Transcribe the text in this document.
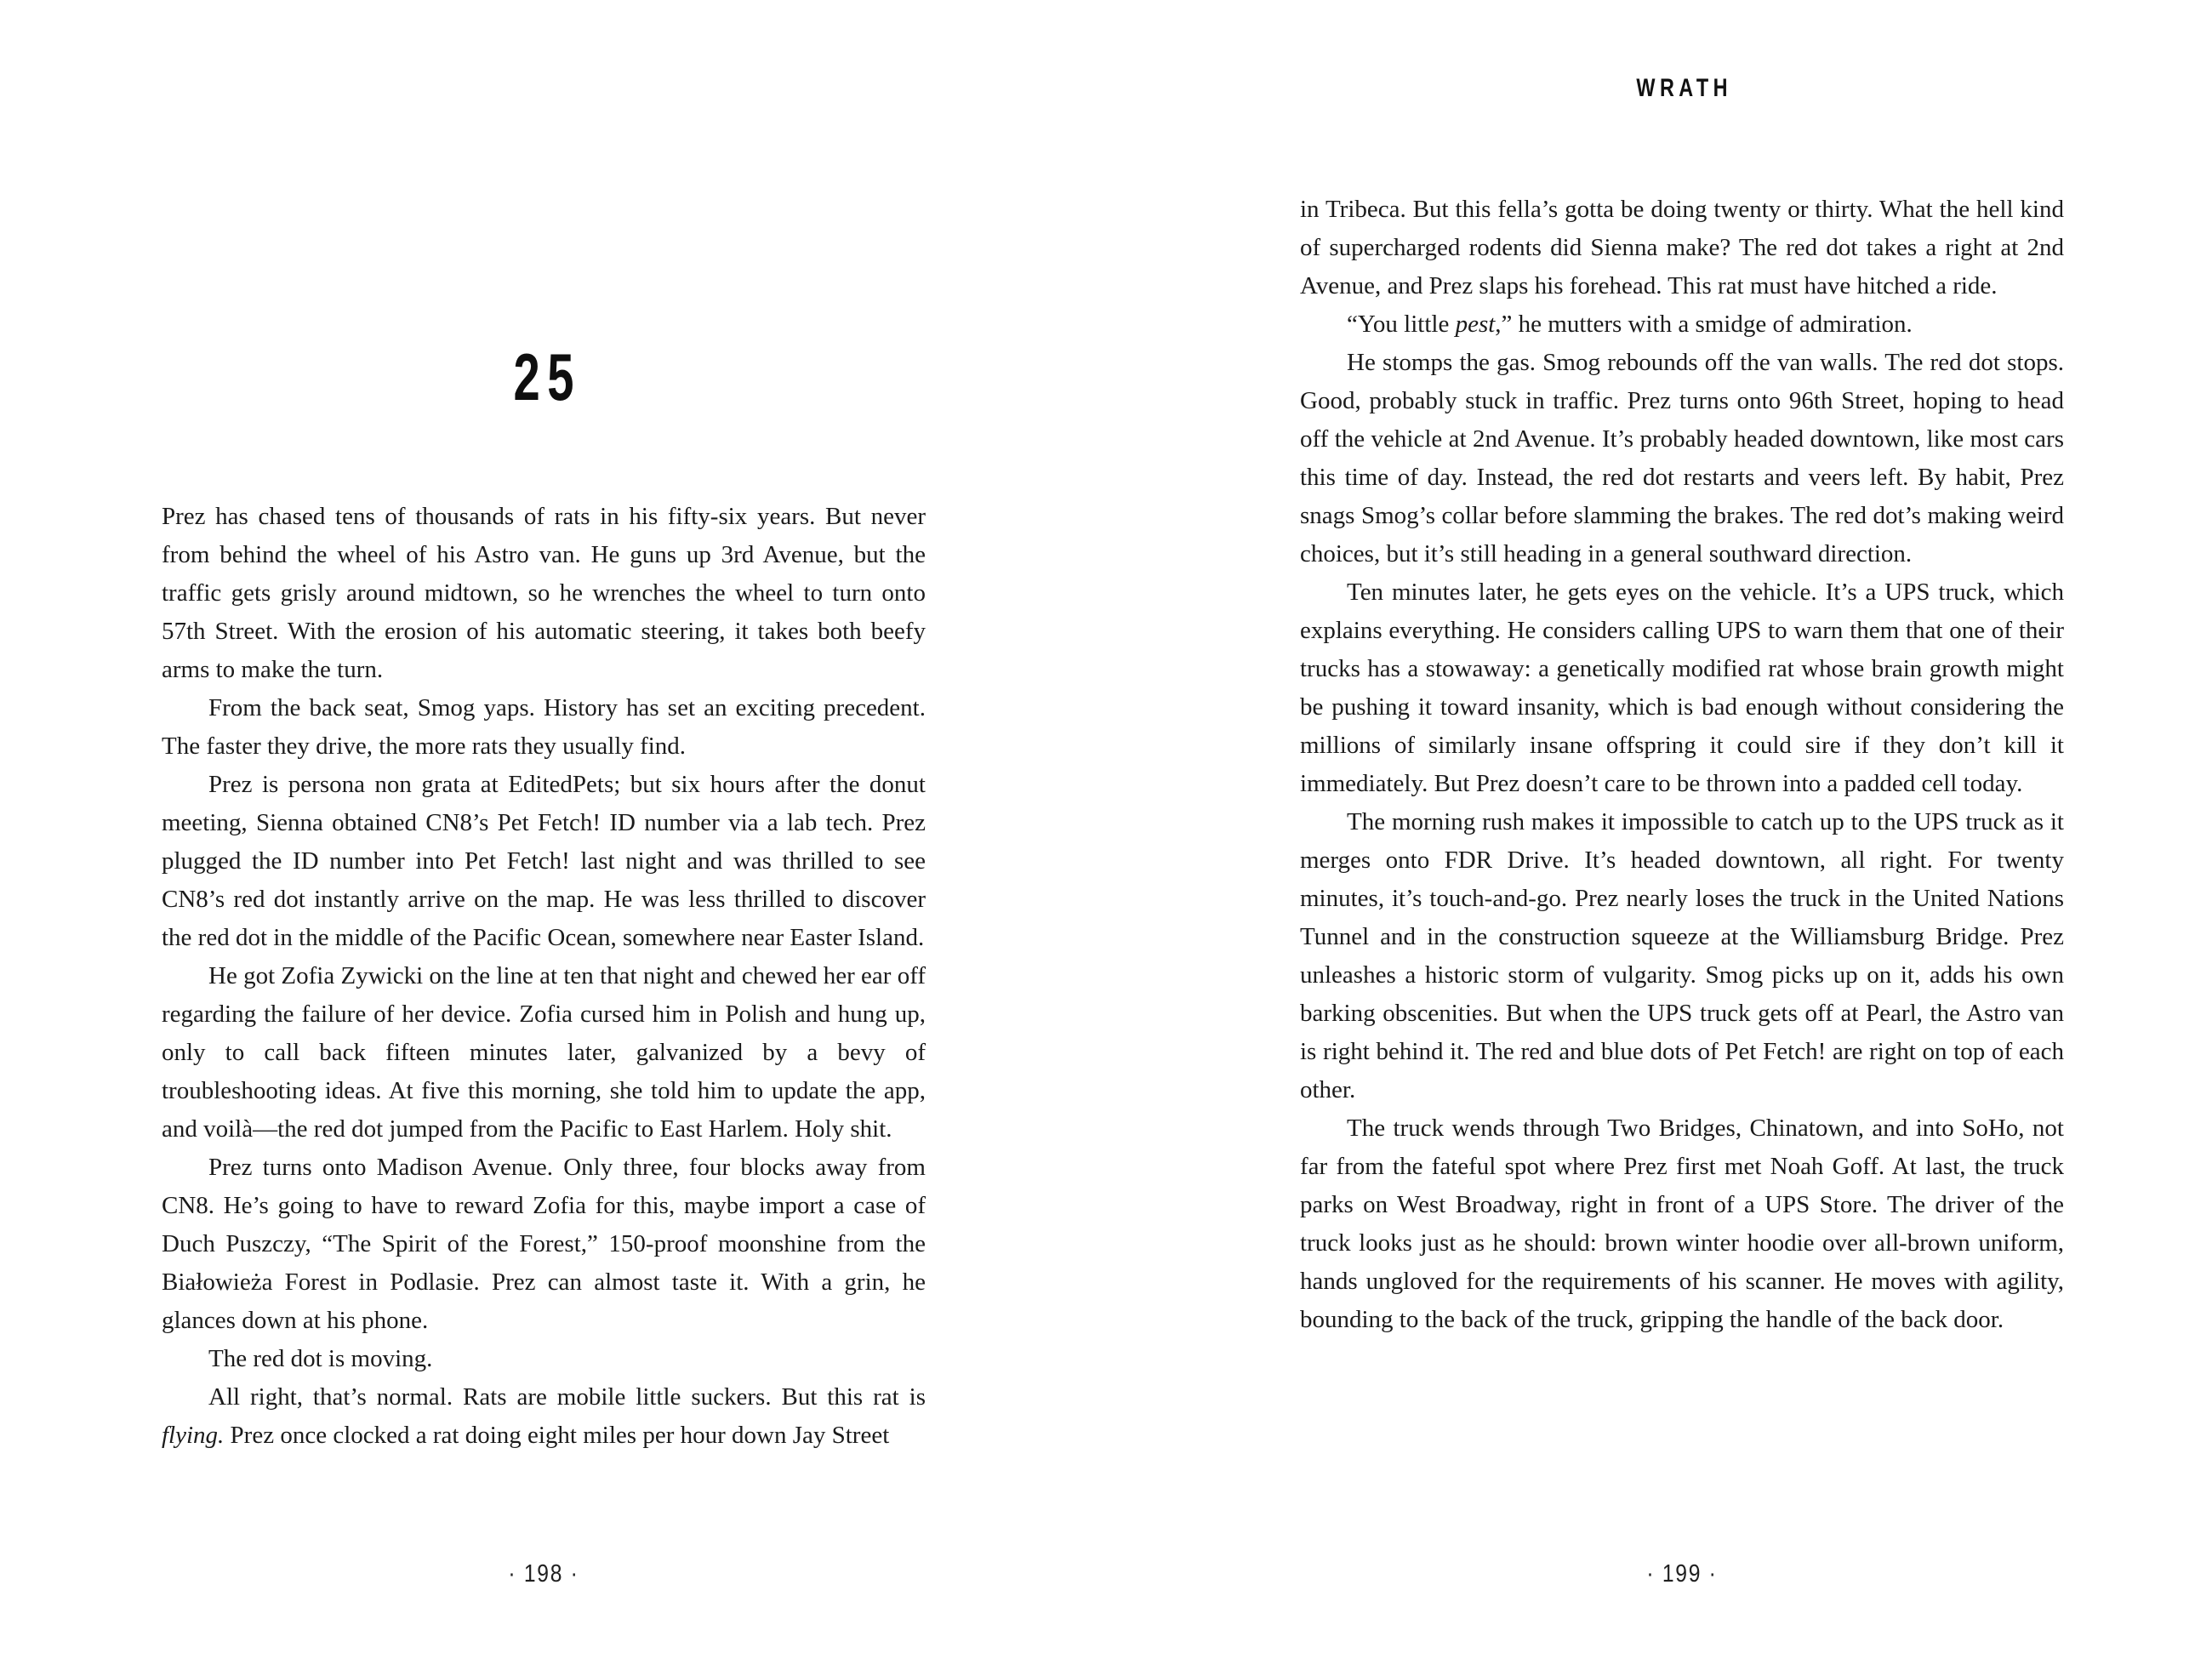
25

Prez has chased tens of thousands of rats in his fifty-six years. But never from behind the wheel of his Astro van. He guns up 3rd Avenue, but the traffic gets grisly around midtown, so he wrenches the wheel to turn onto 57th Street. With the erosion of his automatic steering, it takes both beefy arms to make the turn.

From the back seat, Smog yaps. History has set an exciting precedent. The faster they drive, the more rats they usually find.

Prez is persona non grata at EditedPets; but six hours after the donut meeting, Sienna obtained CN8’s Pet Fetch! ID number via a lab tech. Prez plugged the ID number into Pet Fetch! last night and was thrilled to see CN8’s red dot instantly arrive on the map. He was less thrilled to discover the red dot in the middle of the Pacific Ocean, somewhere near Easter Island.

He got Zofia Zywicki on the line at ten that night and chewed her ear off regarding the failure of her device. Zofia cursed him in Polish and hung up, only to call back fifteen minutes later, galvanized by a bevy of troubleshooting ideas. At five this morning, she told him to update the app, and voilà—the red dot jumped from the Pacific to East Harlem. Holy shit.

Prez turns onto Madison Avenue. Only three, four blocks away from CN8. He’s going to have to reward Zofia for this, maybe import a case of Duch Puszczy, “The Spirit of the Forest,” 150-proof moonshine from the Białowieża Forest in Podlasie. Prez can almost taste it. With a grin, he glances down at his phone.

The red dot is moving.

All right, that’s normal. Rats are mobile little suckers. But this rat is flying. Prez once clocked a rat doing eight miles per hour down Jay Street

· 198 ·
WRATH

in Tribeca. But this fella’s gotta be doing twenty or thirty. What the hell kind of supercharged rodents did Sienna make? The red dot takes a right at 2nd Avenue, and Prez slaps his forehead. This rat must have hitched a ride.

“You little pest,” he mutters with a smidge of admiration.

He stomps the gas. Smog rebounds off the van walls. The red dot stops. Good, probably stuck in traffic. Prez turns onto 96th Street, hoping to head off the vehicle at 2nd Avenue. It’s probably headed downtown, like most cars this time of day. Instead, the red dot restarts and veers left. By habit, Prez snags Smog’s collar before slamming the brakes. The red dot’s making weird choices, but it’s still heading in a general southward direction.

Ten minutes later, he gets eyes on the vehicle. It’s a UPS truck, which explains everything. He considers calling UPS to warn them that one of their trucks has a stowaway: a genetically modified rat whose brain growth might be pushing it toward insanity, which is bad enough without considering the millions of similarly insane offspring it could sire if they don’t kill it immediately. But Prez doesn’t care to be thrown into a padded cell today.

The morning rush makes it impossible to catch up to the UPS truck as it merges onto FDR Drive. It’s headed downtown, all right. For twenty minutes, it’s touch-and-go. Prez nearly loses the truck in the United Nations Tunnel and in the construction squeeze at the Williamsburg Bridge. Prez unleashes a historic storm of vulgarity. Smog picks up on it, adds his own barking obscenities. But when the UPS truck gets off at Pearl, the Astro van is right behind it. The red and blue dots of Pet Fetch! are right on top of each other.

The truck wends through Two Bridges, Chinatown, and into SoHo, not far from the fateful spot where Prez first met Noah Goff. At last, the truck parks on West Broadway, right in front of a UPS Store. The driver of the truck looks just as he should: brown winter hoodie over all-brown uniform, hands ungloved for the requirements of his scanner. He moves with agility, bounding to the back of the truck, gripping the handle of the back door.

· 199 ·
